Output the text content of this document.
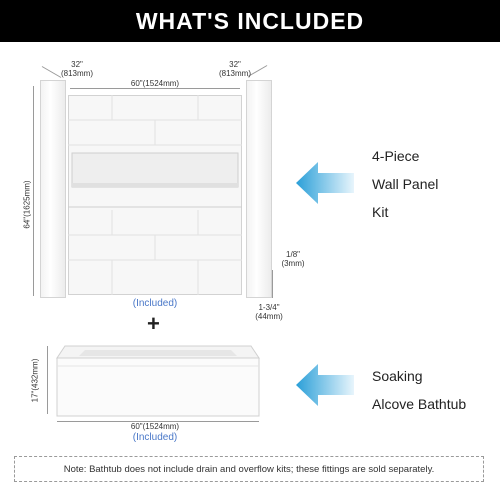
WHAT'S INCLUDED
32"
(813mm)
60"(1524mm)
32"
(813mm)
64"(1625mm)
1/8"
(3mm)
1-3/4"
(44mm)
(Included)
4-Piece
Wall Panel
Kit
+
17"(432mm)
60"(1524mm)
(Included)
Soaking
Alcove Bathtub
Note: Bathtub does not include drain and overflow kits; these fittings are sold separately.
